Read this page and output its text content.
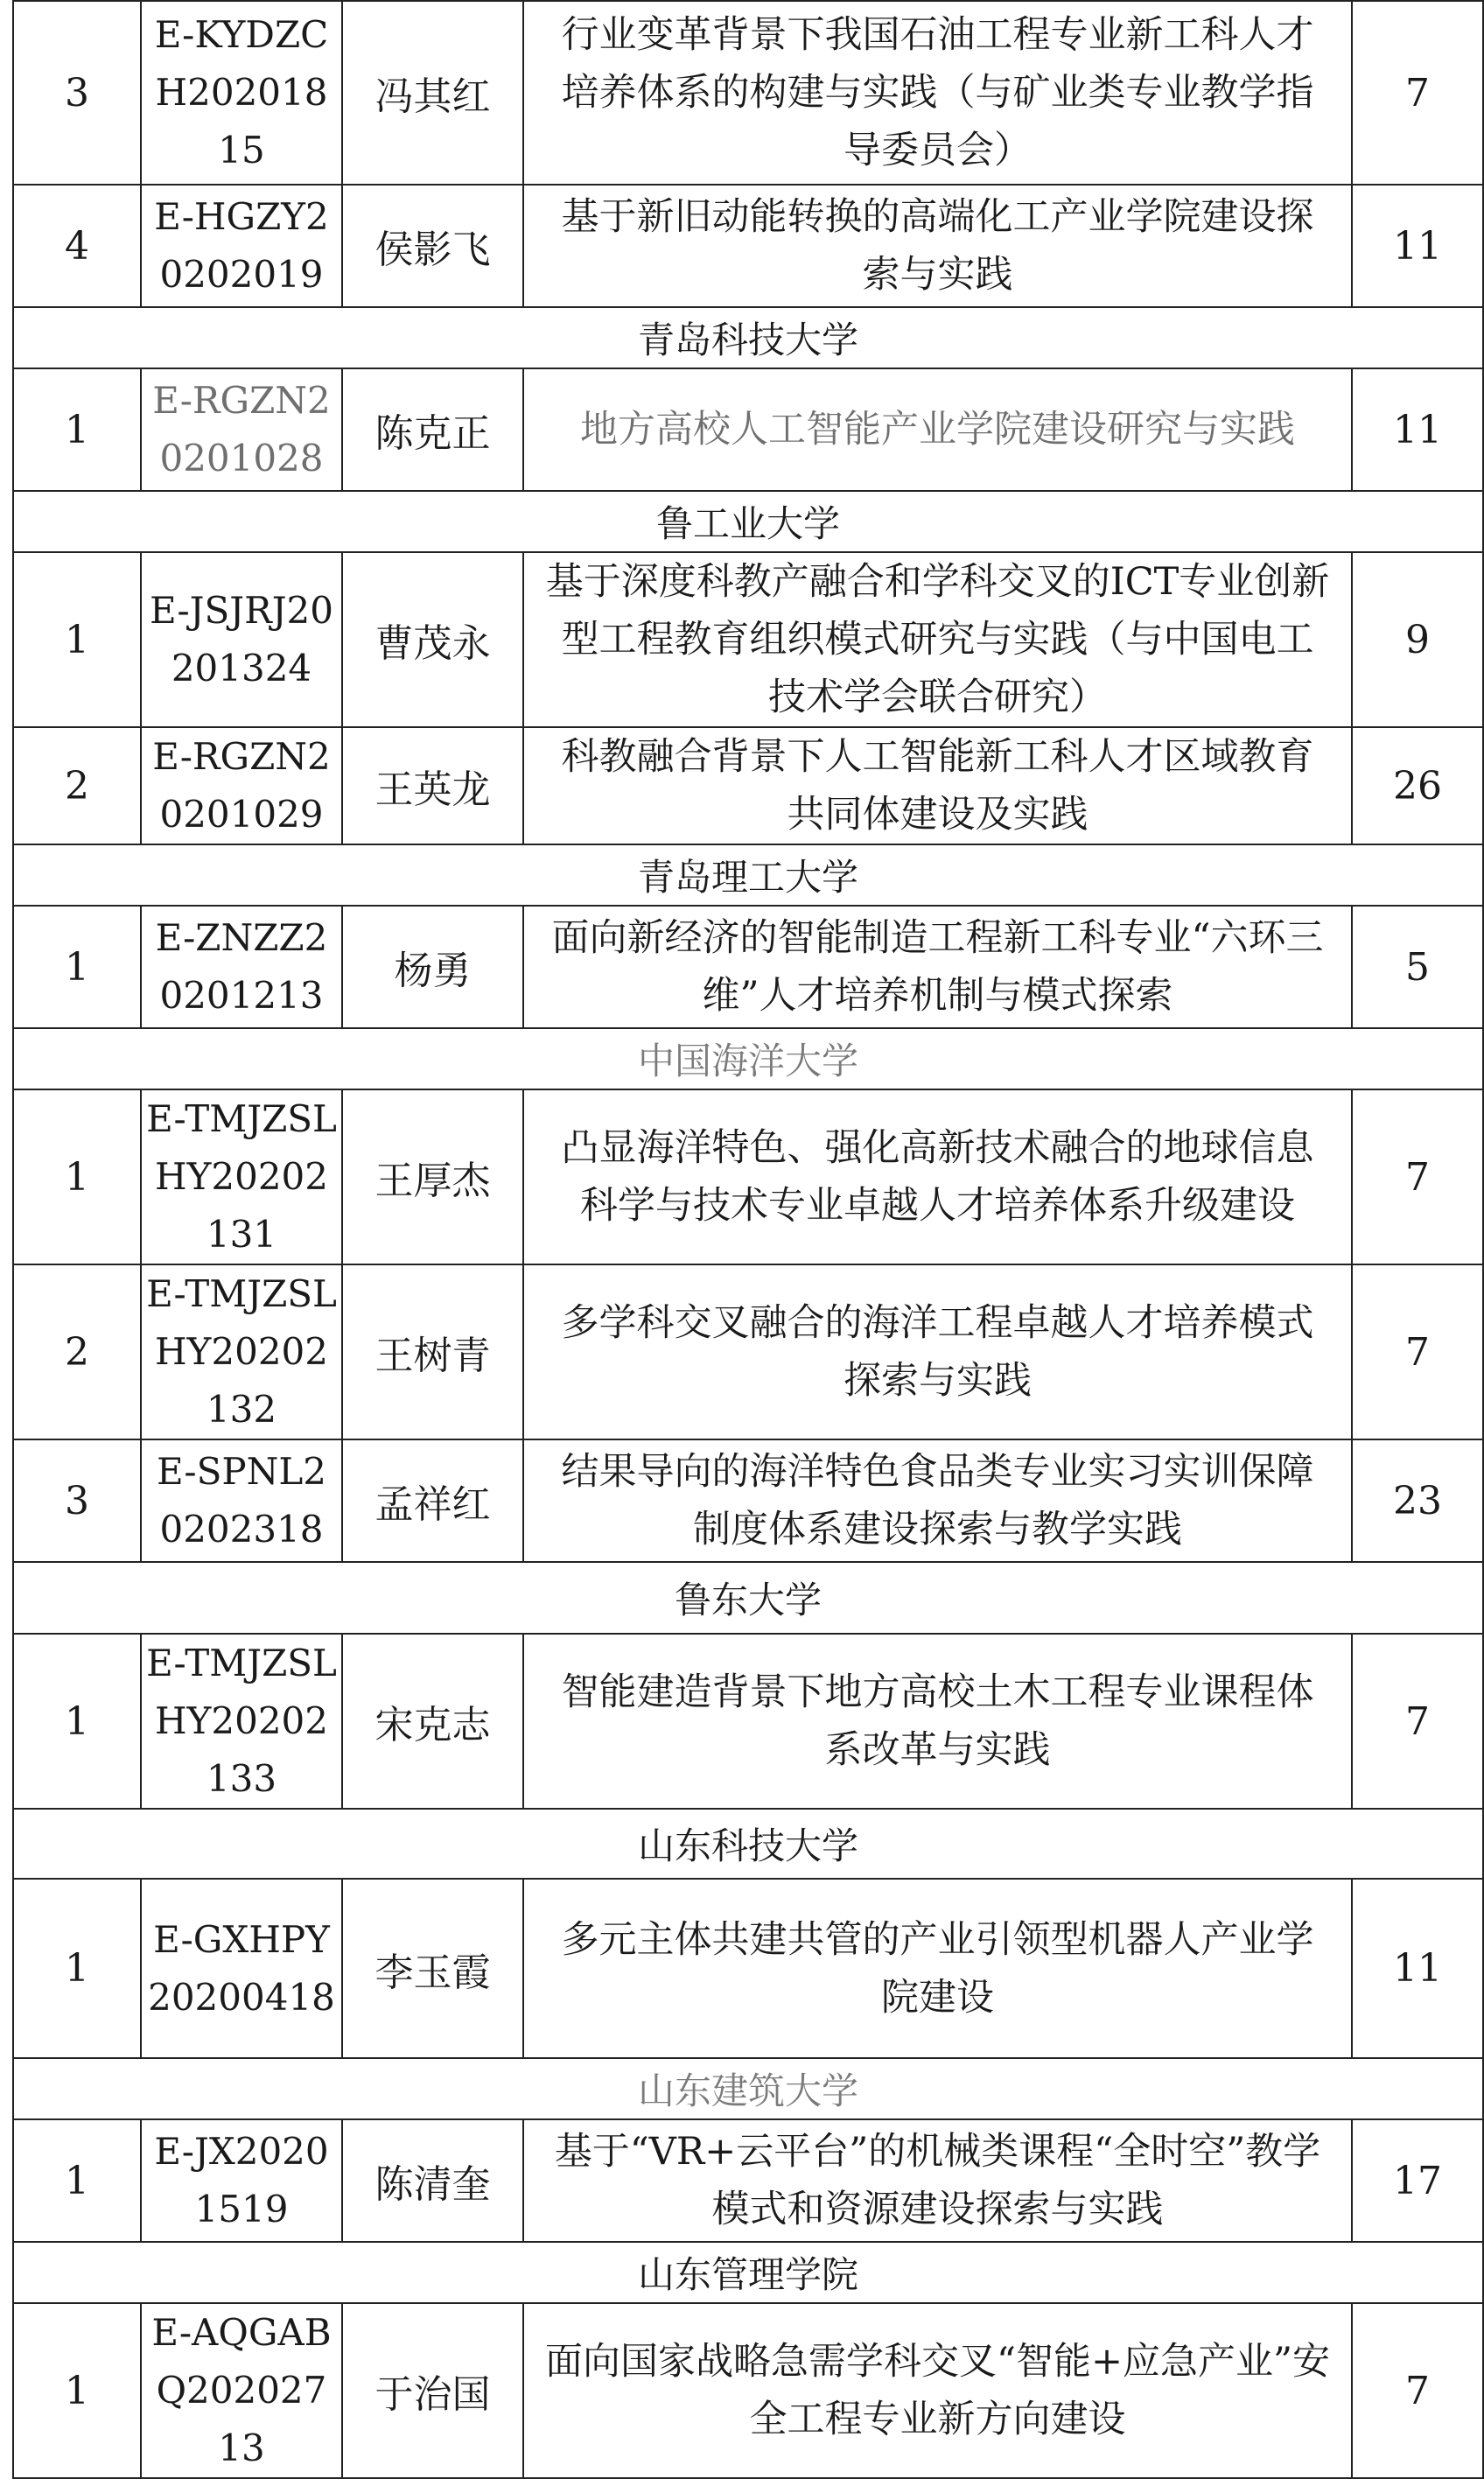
3	E-KYDZCH20201815	冯其红	行业变革背景下我国石油工程专业新工科人才培养体系的构建与实践（与矿业类专业教学指导委员会）	7
4	E-HGZY20202019	侯影飞	基于新旧动能转换的高端化工产业学院建设探索与实践	11
青岛科技大学				
1	E-RGZN20201028	陈克正	地方高校人工智能产业学院建设研究与实践	11
鲁工业大学				
1	E-JSJRJ20201324	曹茂永	基于深度科教产融合和学科交叉的ICT专业创新型工程教育组织模式研究与实践（与中国电工技术学会联合研究）	9
2	E-RGZN20201029	王英龙	科教融合背景下人工智能新工科人才区域教育共同体建设及实践	26
青岛理工大学				
1	E-ZNZZ20201213	杨勇	面向新经济的智能制造工程新工科专业“六环三维”人才培养机制与模式探索	5
中国海洋大学				
1	E-TMJZSLHY20202131	王厚杰	凸显海洋特色、强化高新技术融合的地球信息科学与技术专业卓越人才培养体系升级建设	7
2	E-TMJZSLHY20202132	王树青	多学科交叉融合的海洋工程卓越人才培养模式探索与实践	7
3	E-SPNL20202318	孟祥红	结果导向的海洋特色食品类专业实习实训保障制度体系建设探索与教学实践	23
鲁东大学				
1	E-TMJZSLHY20202133	宋克志	智能建造背景下地方高校土木工程专业课程体系改革与实践	7
山东科技大学				
1	E-GXHPY20200418	李玉霞	多元主体共建共管的产业引领型机器人产业学院建设	11
山东建筑大学				
1	E-JX20201519	陈清奎	基于“VR+云平台”的机械类课程“全时空”教学模式和资源建设探索与实践	17
山东管理学院				
1	E-AQGABQ20202713	于治国	面向国家战略急需学科交叉“智能+应急产业”安全工程专业新方向建设	7
